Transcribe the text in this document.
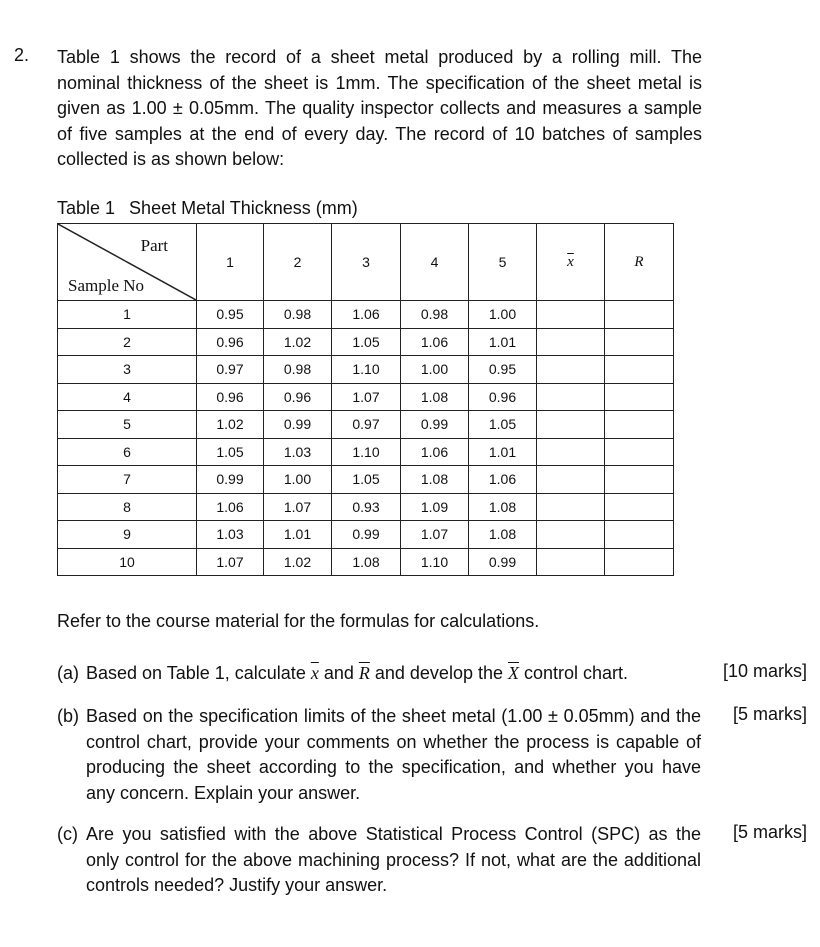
2. Table 1 shows the record of a sheet metal produced by a rolling mill. The nominal thickness of the sheet is 1mm. The specification of the sheet metal is given as 1.00 ± 0.05mm. The quality inspector collects and measures a sample of five samples at the end of every day. The record of 10 batches of samples collected is as shown below:

Table 1 Sheet Metal Thickness (mm)
Part
Sample No	1	2	3	4	5	$\overline{x}$	R
1	0.95	0.98	1.06	0.98	1.00		
2	0.96	1.02	1.05	1.06	1.01		
3	0.97	0.98	1.10	1.00	0.95		
4	0.96	0.96	1.07	1.08	0.96		
5	1.02	0.99	0.97	0.99	1.05		
6	1.05	1.03	1.10	1.06	1.01		
7	0.99	1.00	1.05	1.08	1.06		
8	1.06	1.07	0.93	1.09	1.08		
9	1.03	1.01	0.99	1.07	1.08		
10	1.07	1.02	1.08	1.10	0.99		
Refer to the course material for the formulas for calculations.
(a) Based on Table 1, calculate $\overline{x}$ and $\overline{R}$ and develop the $\overline{X}$ control chart.	[10 marks]
(b) Based on the specification limits of the sheet metal (1.00 ± 0.05mm) and the control chart, provide your comments on whether the process is capable of producing the sheet according to the specification, and whether you have any concern. Explain your answer.
[5 marks]
(c) Are you satisfied with the above Statistical Process Control (SPC) as the only control for the above machining process? If not, what are the additional controls needed? Justify your answer.
[5 marks]
